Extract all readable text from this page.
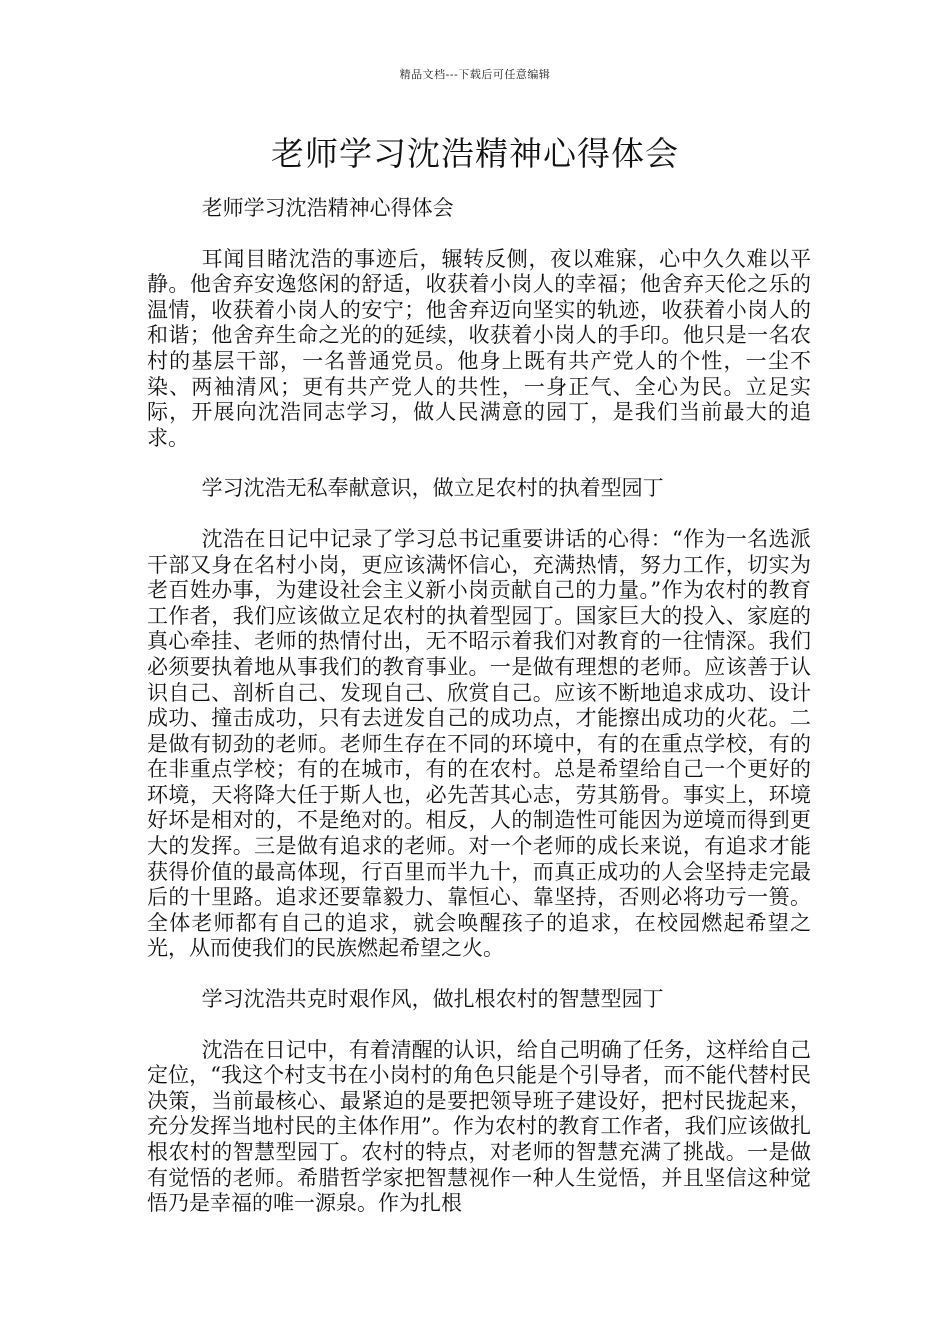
精品文档---下载后可任意编辑
老师学习沈浩精神心得体会

老师学习沈浩精神心得体会

耳闻目睹沈浩的事迹后，辗转反侧，夜以难寐，心中久久难以平静。他舍弃安逸悠闲的舒适，收获着小岗人的幸福；他舍弃天伦之乐的温情，收获着小岗人的安宁；他舍弃迈向坚实的轨迹，收获着小岗人的和谐；他舍弃生命之光的的延续，收获着小岗人的手印。他只是一名农村的基层干部，一名普通党员。他身上既有共产党人的个性，一尘不染、两袖清风；更有共产党人的共性，一身正气、全心为民。立足实际，开展向沈浩同志学习，做人民满意的园丁，是我们当前最大的追求。

学习沈浩无私奉献意识，做立足农村的执着型园丁

沈浩在日记中记录了学习总书记重要讲话的心得：“作为一名选派干部又身在名村小岗，更应该满怀信心，充满热情，努力工作，切实为老百姓办事，为建设社会主义新小岗贡献自己的力量。”作为农村的教育工作者，我们应该做立足农村的执着型园丁。国家巨大的投入、家庭的真心牵挂、老师的热情付出，无不昭示着我们对教育的一往情深。我们必须要执着地从事我们的教育事业。一是做有理想的老师。应该善于认识自己、剖析自己、发现自己、欣赏自己。应该不断地追求成功、设计成功、撞击成功，只有去迸发自己的成功点，才能擦出成功的火花。二是做有韧劲的老师。老师生存在不同的环境中，有的在重点学校，有的在非重点学校；有的在城市，有的在农村。总是希望给自己一个更好的环境，天将降大任于斯人也，必先苦其心志，劳其筋骨。事实上，环境好坏是相对的，不是绝对的。相反，人的制造性可能因为逆境而得到更大的发挥。三是做有追求的老师。对一个老师的成长来说，有追求才能获得价值的最高体现，行百里而半九十，而真正成功的人会坚持走完最后的十里路。追求还要靠毅力、靠恒心、靠坚持，否则必将功亏一篑。全体老师都有自己的追求，就会唤醒孩子的追求，在校园燃起希望之光，从而使我们的民族燃起希望之火。

学习沈浩共克时艰作风，做扎根农村的智慧型园丁

沈浩在日记中，有着清醒的认识，给自己明确了任务，这样给自己定位，“我这个村支书在小岗村的角色只能是个引导者，而不能代替村民决策，当前最核心、最紧迫的是要把领导班子建设好，把村民拢起来，充分发挥当地村民的主体作用”。作为农村的教育工作者，我们应该做扎根农村的智慧型园丁。农村的特点，对老师的智慧充满了挑战。一是做有觉悟的老师。希腊哲学家把智慧视作一种人生觉悟，并且坚信这种觉悟乃是幸福的唯一源泉。作为扎根
